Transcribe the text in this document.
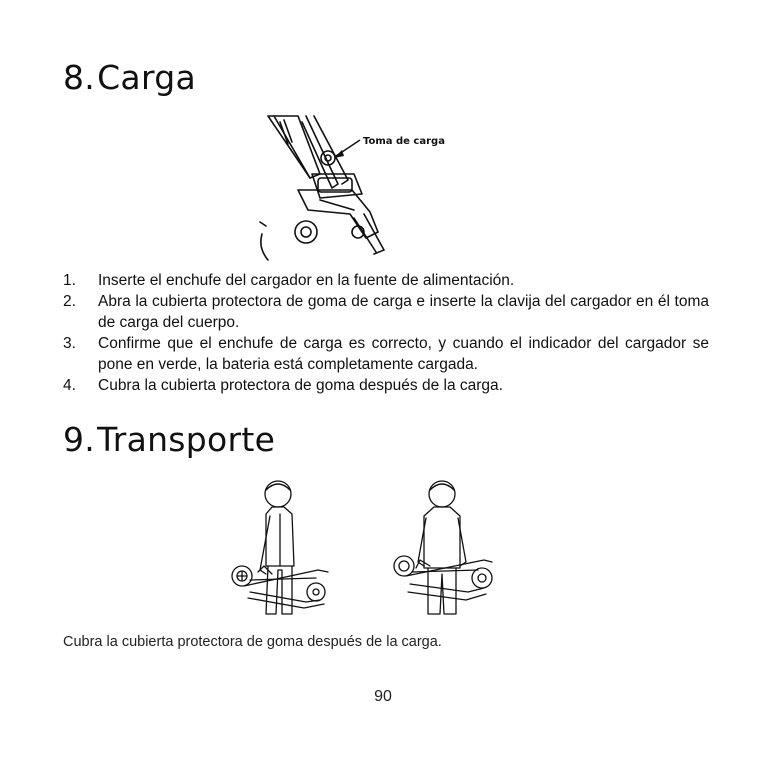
8.Carga
Toma de carga
1. Inserte el enchufe del cargador en la fuente de alimentación.
2. Abra la cubierta protectora de goma de carga e inserte la clavija del cargador en él toma de carga del cuerpo.
3. Confirme que el enchufe de carga es correcto, y cuando el indicador del cargador se pone en verde, la bateria está completamente cargada.
4. Cubra la cubierta protectora de goma después de la carga.
9.Transporte

Cubra la cubierta protectora de goma después de la carga.

90
